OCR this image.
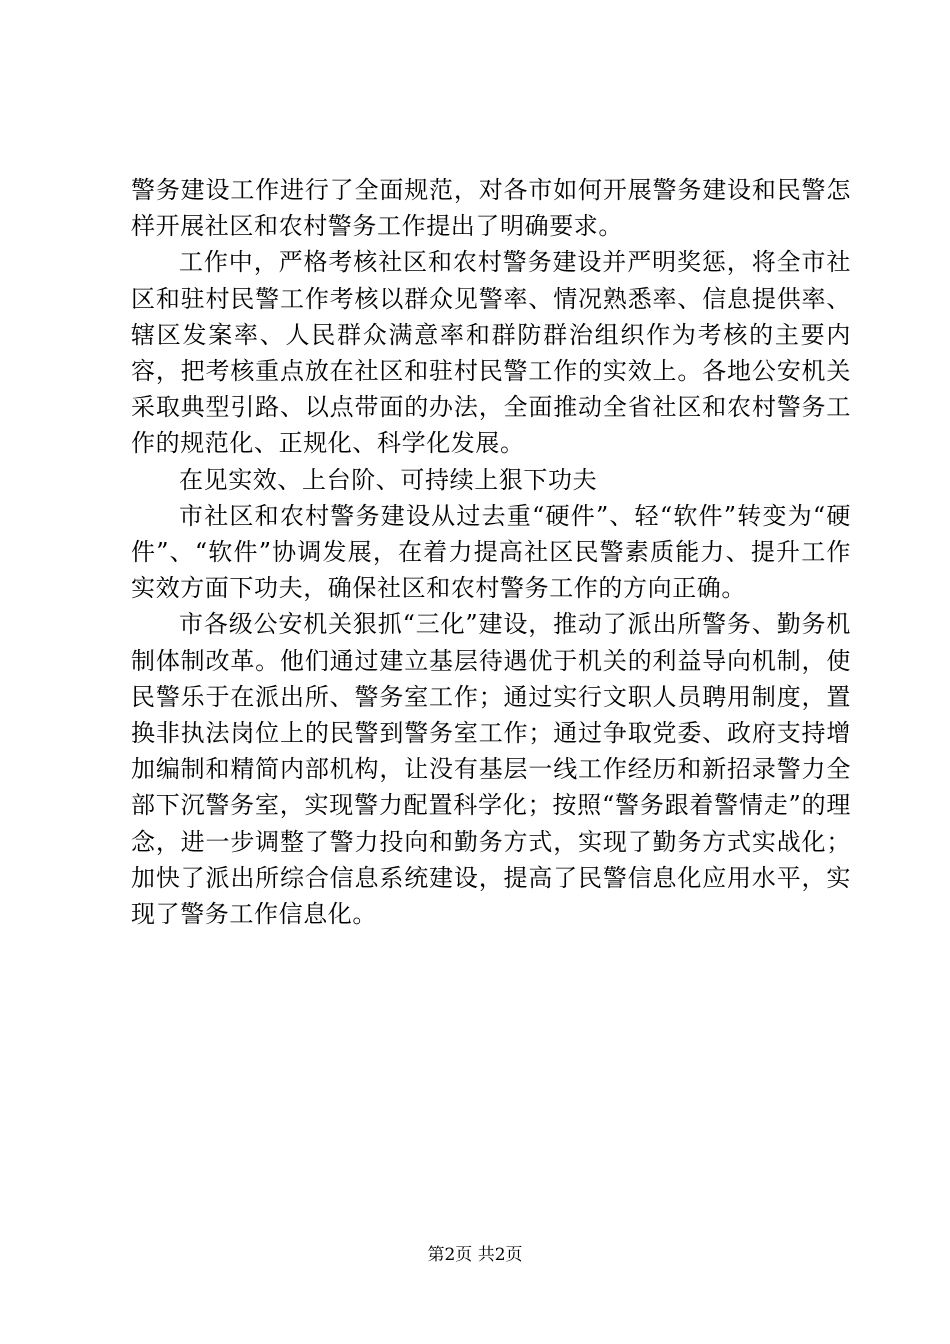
警务建设工作进行了全面规范，对各市如何开展警务建设和民警怎样开展社区和农村警务工作提出了明确要求。

工作中，严格考核社区和农村警务建设并严明奖惩，将全市社区和驻村民警工作考核以群众见警率、情况熟悉率、信息提供率、辖区发案率、人民群众满意率和群防群治组织作为考核的主要内容，把考核重点放在社区和驻村民警工作的实效上。各地公安机关采取典型引路、以点带面的办法，全面推动全省社区和农村警务工作的规范化、正规化、科学化发展。

在见实效、上台阶、可持续上狠下功夫

市社区和农村警务建设从过去重“硬件”、轻“软件”转变为“硬件”、“软件”协调发展，在着力提高社区民警素质能力、提升工作实效方面下功夫，确保社区和农村警务工作的方向正确。

市各级公安机关狠抓“三化”建设，推动了派出所警务、勤务机制体制改革。他们通过建立基层待遇优于机关的利益导向机制，使民警乐于在派出所、警务室工作；通过实行文职人员聘用制度，置换非执法岗位上的民警到警务室工作；通过争取党委、政府支持增加编制和精简内部机构，让没有基层一线工作经历和新招录警力全部下沉警务室，实现警力配置科学化；按照“警务跟着警情走”的理念，进一步调整了警力投向和勤务方式，实现了勤务方式实战化；加快了派出所综合信息系统建设，提高了民警信息化应用水平，实现了警务工作信息化。

第2页 共2页
